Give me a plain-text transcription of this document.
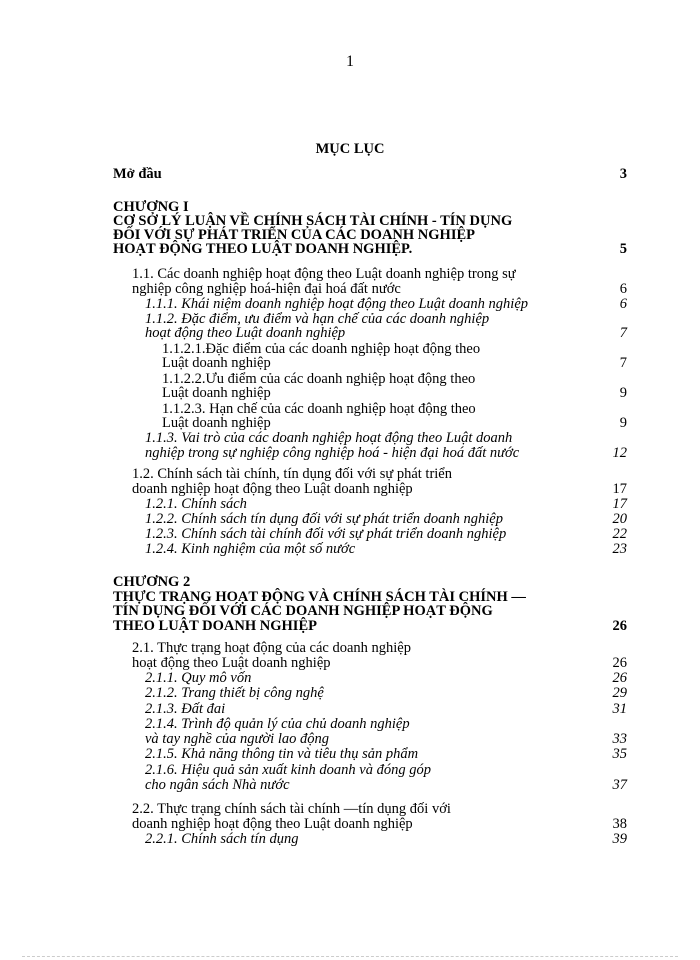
1
MỤC LỤC
Mở đầu	3
CHƯƠNG I
CƠ SỞ LÝ LUẬN VỀ CHÍNH SÁCH TÀI CHÍNH - TÍN DỤNG
ĐỐI VỚI SỰ PHÁT TRIỂN CỦA CÁC DOANH NGHIỆP
HOẠT ĐỘNG THEO LUẬT DOANH NGHIỆP.	5
1.1. Các doanh nghiệp hoạt động theo Luật doanh nghiệp trong sự
nghiệp công nghiệp hoá-hiện đại hoá đất nước	6
1.1.1. Khái niệm doanh nghiệp hoạt động theo Luật doanh nghiệp	6
1.1.2. Đặc điểm, ưu điểm và hạn chế của các doanh nghiệp
hoạt động theo Luật doanh nghiệp	7
1.1.2.1.Đặc điểm của các doanh nghiệp hoạt động theo
Luật doanh nghiệp	7
1.1.2.2.Ưu điểm của các doanh nghiệp hoạt động theo
Luật doanh nghiệp	9
1.1.2.3. Hạn chế của các doanh nghiệp hoạt động theo
Luật doanh nghiệp	9
1.1.3. Vai trò của các doanh nghiệp hoạt động theo Luật doanh
nghiệp trong sự nghiệp công nghiệp hoá - hiện đại hoá đất nước	12
1.2. Chính sách tài chính, tín dụng đối với sự phát triển
doanh nghiệp hoạt động theo Luật doanh nghiệp	17
1.2.1. Chính sách	17
1.2.2. Chính sách tín dụng đối với sự phát triển doanh nghiệp	20
1.2.3. Chính sách tài chính đối với sự phát triển doanh nghiệp	22
1.2.4. Kinh nghiệm của một số nước	23
CHƯƠNG 2
THỰC TRẠNG HOẠT ĐỘNG VÀ CHÍNH SÁCH TÀI CHÍNH —
TÍN DỤNG ĐỐI VỚI CÁC DOANH NGHIỆP HOẠT ĐỘNG
THEO LUẬT DOANH NGHIỆP	26
2.1. Thực trạng hoạt động của các doanh nghiệp
hoạt động theo Luật doanh nghiệp	26
2.1.1. Quy mô vốn	26
2.1.2. Trang thiết bị công nghệ	29
2.1.3. Đất đai	31
2.1.4. Trình độ quản lý của chủ doanh nghiệp
và tay nghề của người lao động	33
2.1.5. Khả năng thông tin và tiêu thụ sản phẩm	35
2.1.6. Hiệu quả sản xuất kinh doanh và đóng góp
cho ngân sách Nhà nước	37
2.2. Thực trạng chính sách tài chính —tín dụng đối với
doanh nghiệp hoạt động theo Luật doanh nghiệp	38
2.2.1. Chính sách tín dụng	39
